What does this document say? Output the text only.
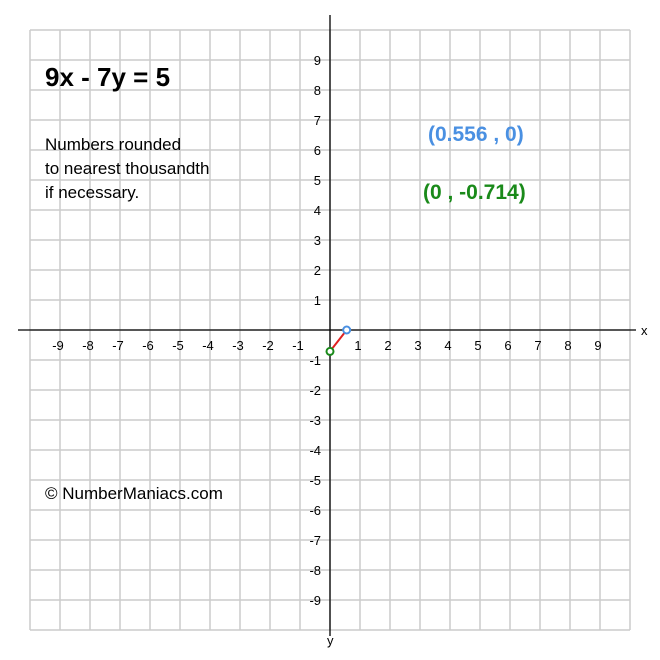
x
y
-9 -8 -7 -6 -5 -4 -3 -2 -1	1 2 3 4 5 6 7 8 9
9
8
7
6
5
4
3
2
1
-1
-2
-3
-4
-5
-6
-7
-8
-9
9x - 7y = 5
Numbers rounded
to nearest thousandth
if necessary.
(0.556 , 0)
(0 , -0.714)
© NumberManiacs.com
